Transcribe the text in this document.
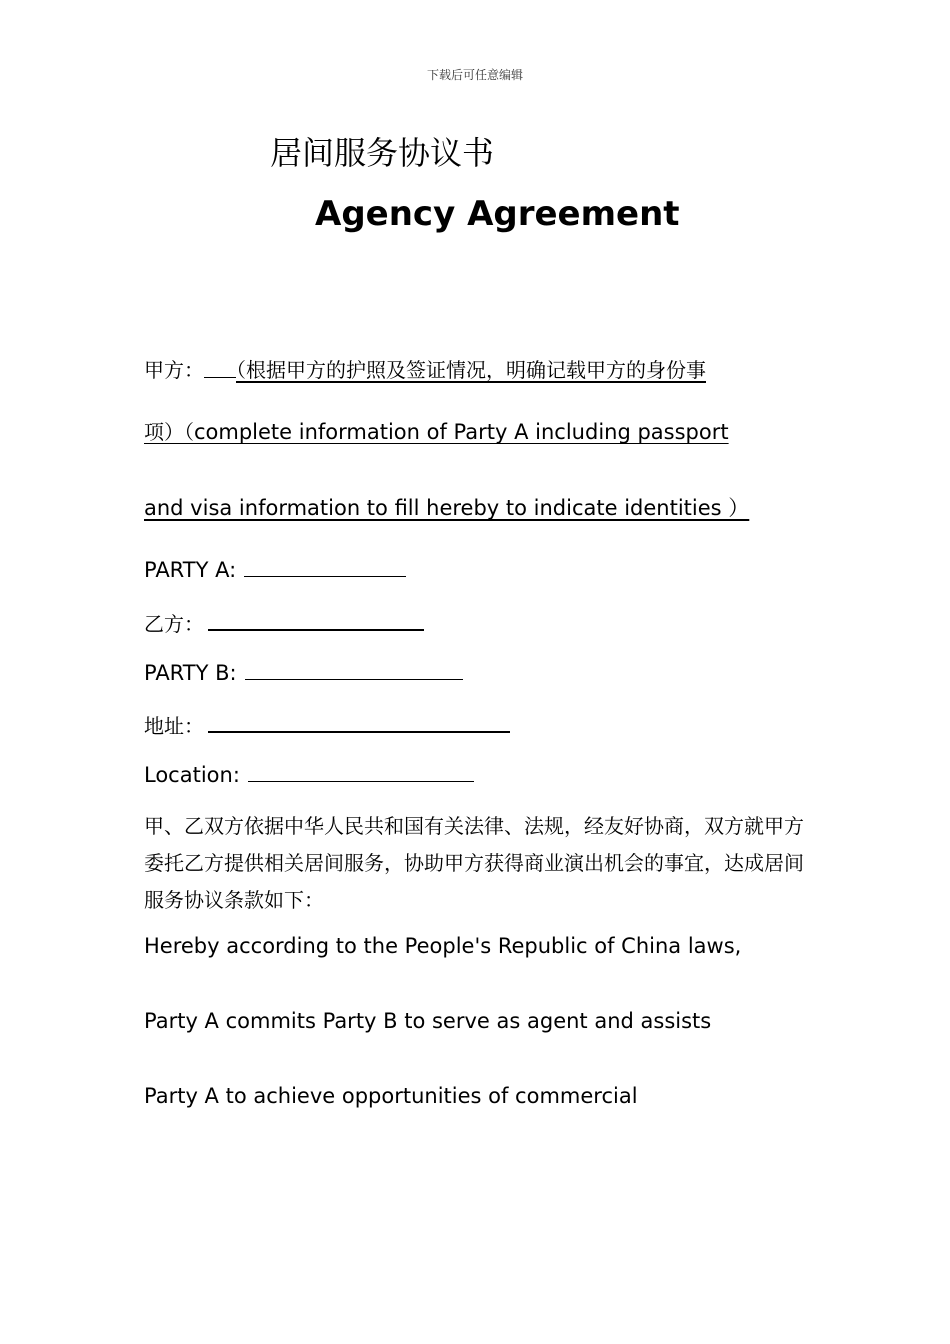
下载后可任意编辑
居间服务协议书
Agency Agreement
甲方： （根据甲方的护照及签证情况，明确记载甲方的身份事
项）（complete information of Party A including passport
and visa information to fill hereby to indicate identities ）
PARTY A:
乙方：
PARTY B:
地址：
Location:
甲、乙双方依据中华人民共和国有关法律、法规，经友好协商，双方就甲方委托乙方提供相关居间服务，协助甲方获得商业演出机会的事宜，达成居间服务协议条款如下：
Hereby according to the People's Republic of China laws,
Party A commits Party B to serve as agent and assists
Party A to achieve opportunities of commercial
